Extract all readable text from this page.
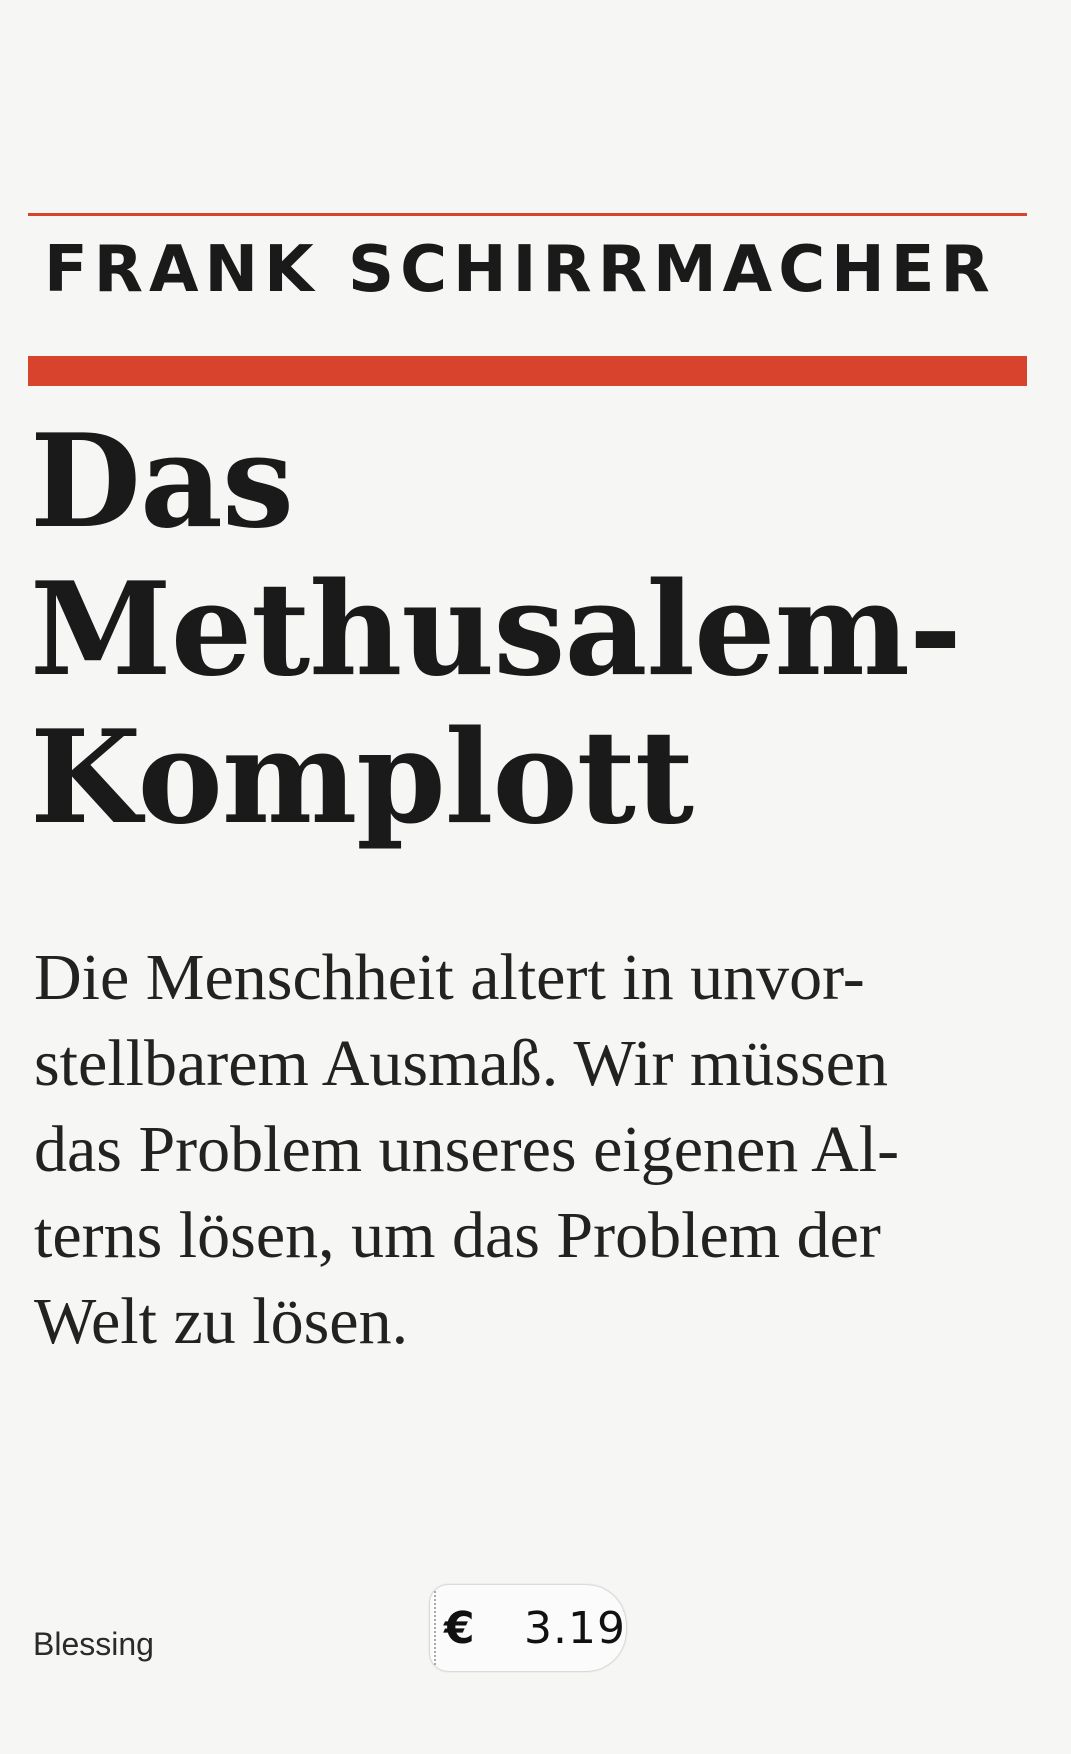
FRANK SCHIRRMACHER
Das
Methusalem-
Komplott
Die Menschheit altert in unvor-
stellbarem Ausmaß. Wir müssen
das Problem unseres eigenen Al-
terns lösen, um das Problem der
Welt zu lösen.
Blessing	€ 3.19
